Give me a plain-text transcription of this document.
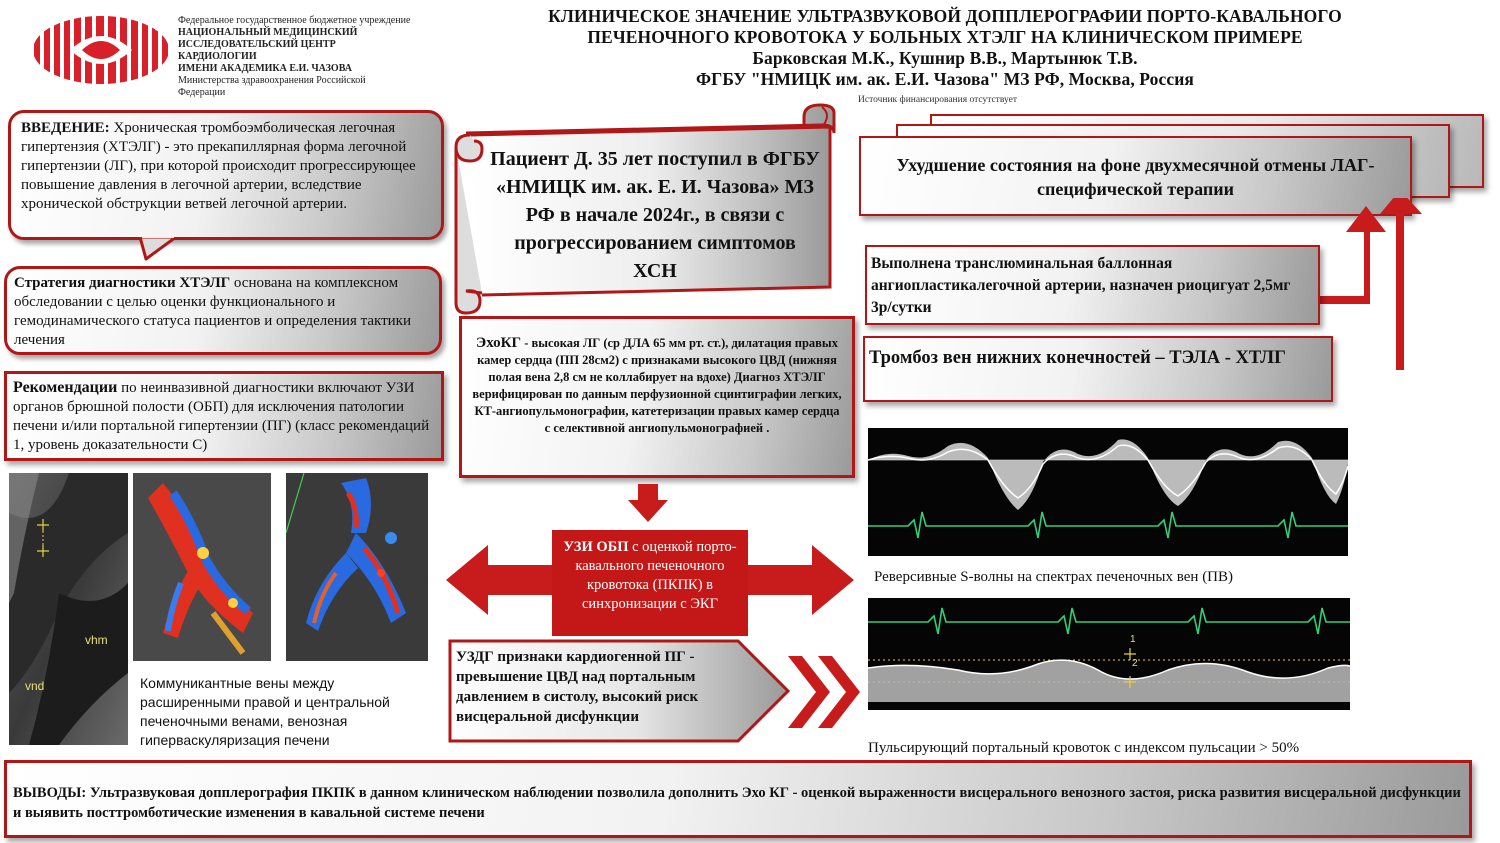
Федеральное государственное бюджетное учреждение
НАЦИОНАЛЬНЫЙ МЕДИЦИНСКИЙ
ИССЛЕДОВАТЕЛЬСКИЙ ЦЕНТР
КАРДИОЛОГИИ
ИМЕНИ АКАДЕМИКА Е.И. ЧАЗОВА
Министерства здравоохранения Российской
Федерации
КЛИНИЧЕСКОЕ ЗНАЧЕНИЕ УЛЬТРАЗВУКОВОЙ ДОППЛЕРОГРАФИИ ПОРТО-КАВАЛЬНОГО
ПЕЧЕНОЧНОГО КРОВОТОКА У БОЛЬНЫХ ХТЭЛГ НА КЛИНИЧЕСКОМ ПРИМЕРЕ
Барковская М.К., Кушнир В.В., Мартынюк Т.В.
ФГБУ "НМИЦК им. ак. Е.И. Чазова" МЗ РФ, Москва, Россия
Источник финансирования отсутствует
ВВЕДЕНИЕ: Хроническая тромбоэмболическая легочная гипертензия (ХТЭЛГ) - это прекапиллярная форма легочной гипертензии (ЛГ), при которой происходит прогрессирующее повышение давления в легочной артерии, вследствие хронической обструкции ветвей легочной артерии.
Стратегия диагностики ХТЭЛГ основана на комплексном обследовании с целью оценки функционального и гемодинамического статуса пациентов и определения тактики лечения
Рекомендации по неинвазивной диагностики включают УЗИ органов брюшной полости (ОБП) для исключения патологии печени и/или портальной гипертензии (ПГ) (класс рекомендаций 1, уровень доказательности С)
vhm
vnd	Коммуникантные вены между расширенными правой и центральной печеночными венами, венозная гиперваскуляризация печени
Пациент Д. 35 лет поступил в ФГБУ «НМИЦК им. ак. Е. И. Чазова» МЗ РФ в начале 2024г., в связи с прогрессированием симптомов ХСН
ЭхоКГ - высокая ЛГ (ср ДЛА 65 мм рт. ст.), дилатация правых камер сердца (ПП 28см2) с признаками высокого ЦВД (нижняя полая вена 2,8 см не коллабирует на вдохе) Диагноз ХТЭЛГ верифицирован по данным перфузионной сцинтиграфии легких, КТ-ангиопульмонографии, катетеризации правых камер сердца с селективной ангиопульмонографией .
УЗИ ОБП с оценкой порто-кавального печеночного кровотока (ПКПК) в синхронизации с ЭКГ
УЗДГ признаки кардиогенной ПГ - превышение ЦВД над портальным давлением в систолу, высокий риск висцеральной дисфункции
Ухудшение состояния на фоне двухмесячной отмены ЛАГ-специфической терапии
Выполнена транслюминальная баллонная ангиопластикалегочной артерии, назначен риоцигуат 2,5мг 3р/сутки
Тромбоз вен нижних конечностей – ТЭЛА - ХТЛГ
Реверсивные S-волны на спектрах печеночных вен (ПВ)
1
2
Пульсирующий портальный кровоток с индексом пульсации > 50%
ВЫВОДЫ: Ультразвуковая допплерография ПКПК в данном клиническом наблюдении позволила дополнить Эхо КГ - оценкой выраженности висцерального венозного застоя, риска развития висцеральной дисфункции и выявить посттромботические изменения в кавальной системе печени
